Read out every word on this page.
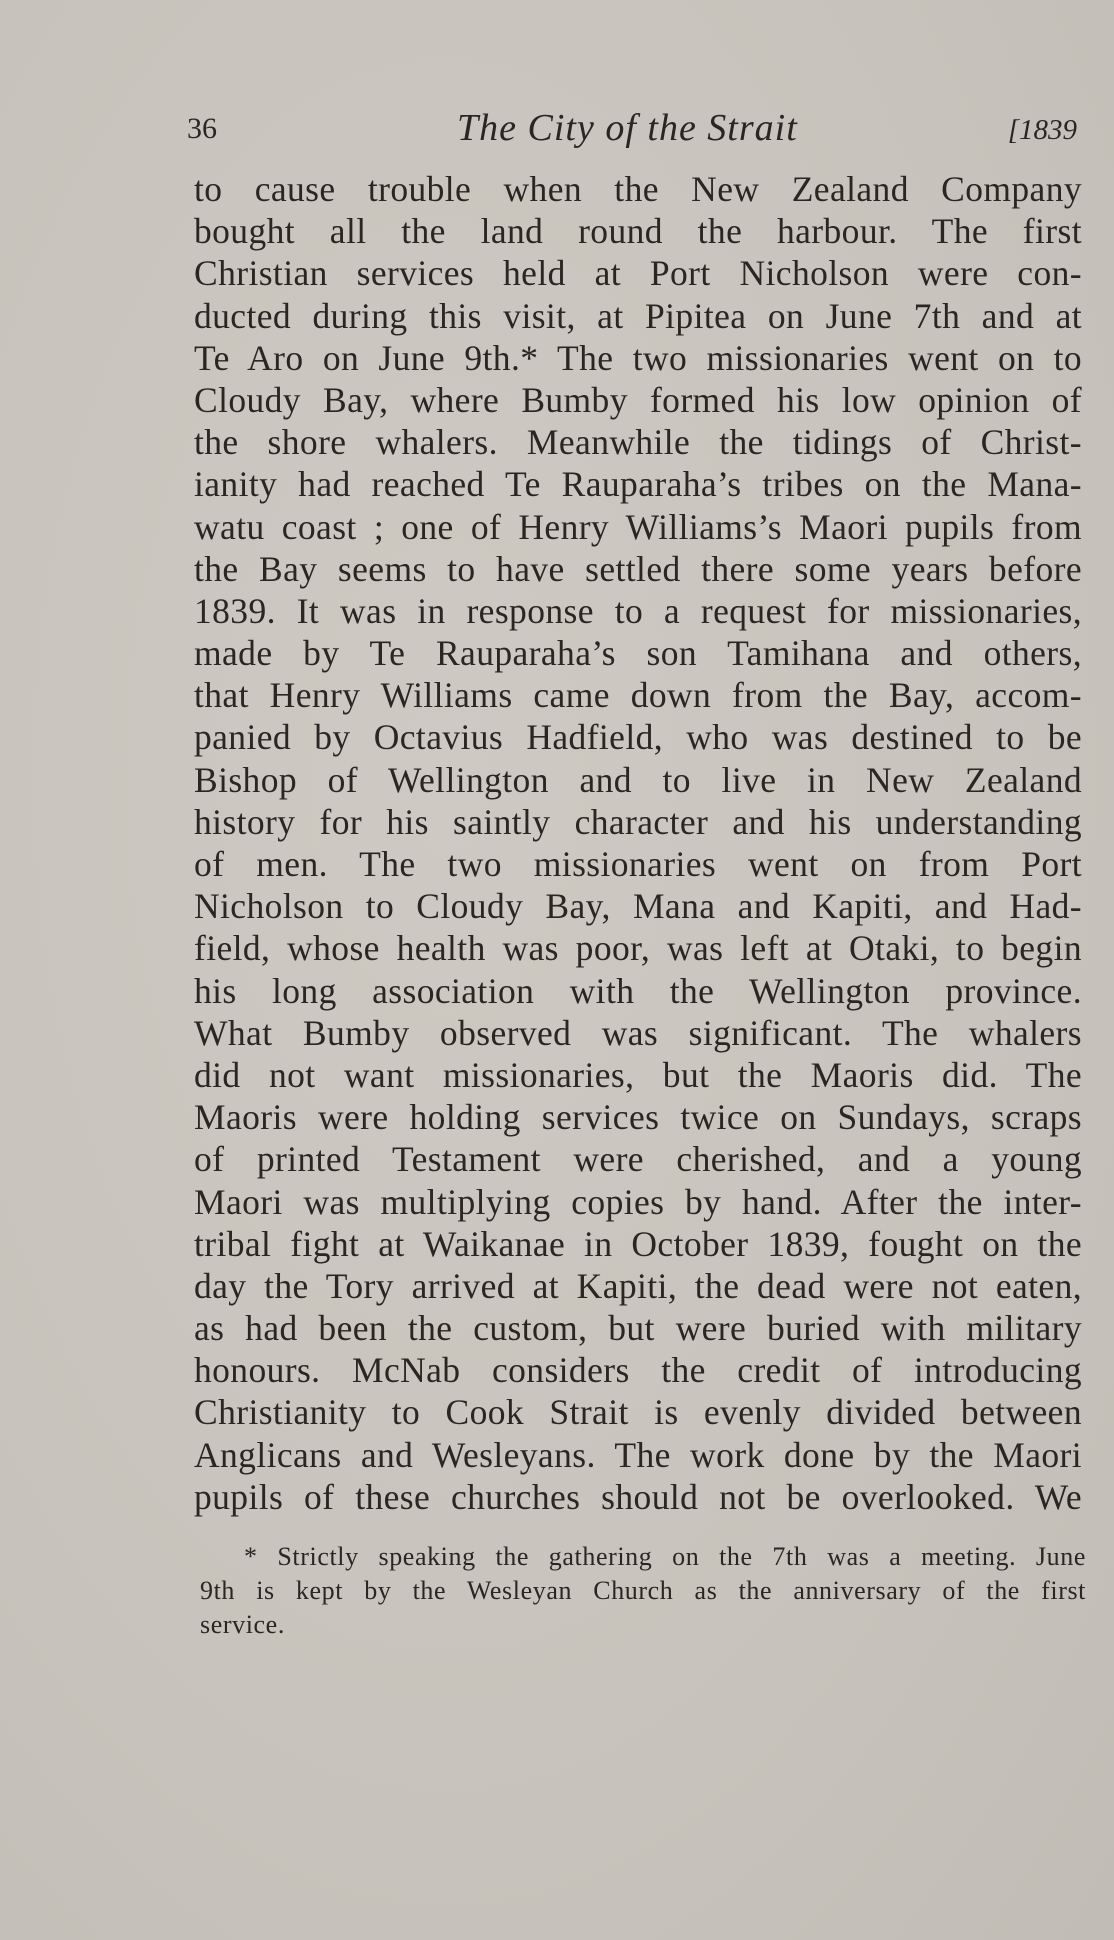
36	The City of the Strait	[1839
to cause trouble when the New Zealand Company
bought all the land round the harbour. The first
Christian services held at Port Nicholson were con-
ducted during this visit, at Pipitea on June 7th and at
Te Aro on June 9th.* The two missionaries went on to
Cloudy Bay, where Bumby formed his low opinion of
the shore whalers. Meanwhile the tidings of Christ-
ianity had reached Te Rauparaha’s tribes on the Mana-
watu coast ; one of Henry Williams’s Maori pupils from
the Bay seems to have settled there some years before
1839. It was in response to a request for missionaries,
made by Te Rauparaha’s son Tamihana and others,
that Henry Williams came down from the Bay, accom-
panied by Octavius Hadfield, who was destined to be
Bishop of Wellington and to live in New Zealand
history for his saintly character and his understanding
of men. The two missionaries went on from Port
Nicholson to Cloudy Bay, Mana and Kapiti, and Had-
field, whose health was poor, was left at Otaki, to begin
his long association with the Wellington province.
What Bumby observed was significant. The whalers
did not want missionaries, but the Maoris did. The
Maoris were holding services twice on Sundays, scraps
of printed Testament were cherished, and a young
Maori was multiplying copies by hand. After the inter-
tribal fight at Waikanae in October 1839, fought on the
day the Tory arrived at Kapiti, the dead were not eaten,
as had been the custom, but were buried with military
honours. McNab considers the credit of introducing
Christianity to Cook Strait is evenly divided between
Anglicans and Wesleyans. The work done by the Maori
pupils of these churches should not be overlooked. We
* Strictly speaking the gathering on the 7th was a meeting. June
9th is kept by the Wesleyan Church as the anniversary of the first
service.
